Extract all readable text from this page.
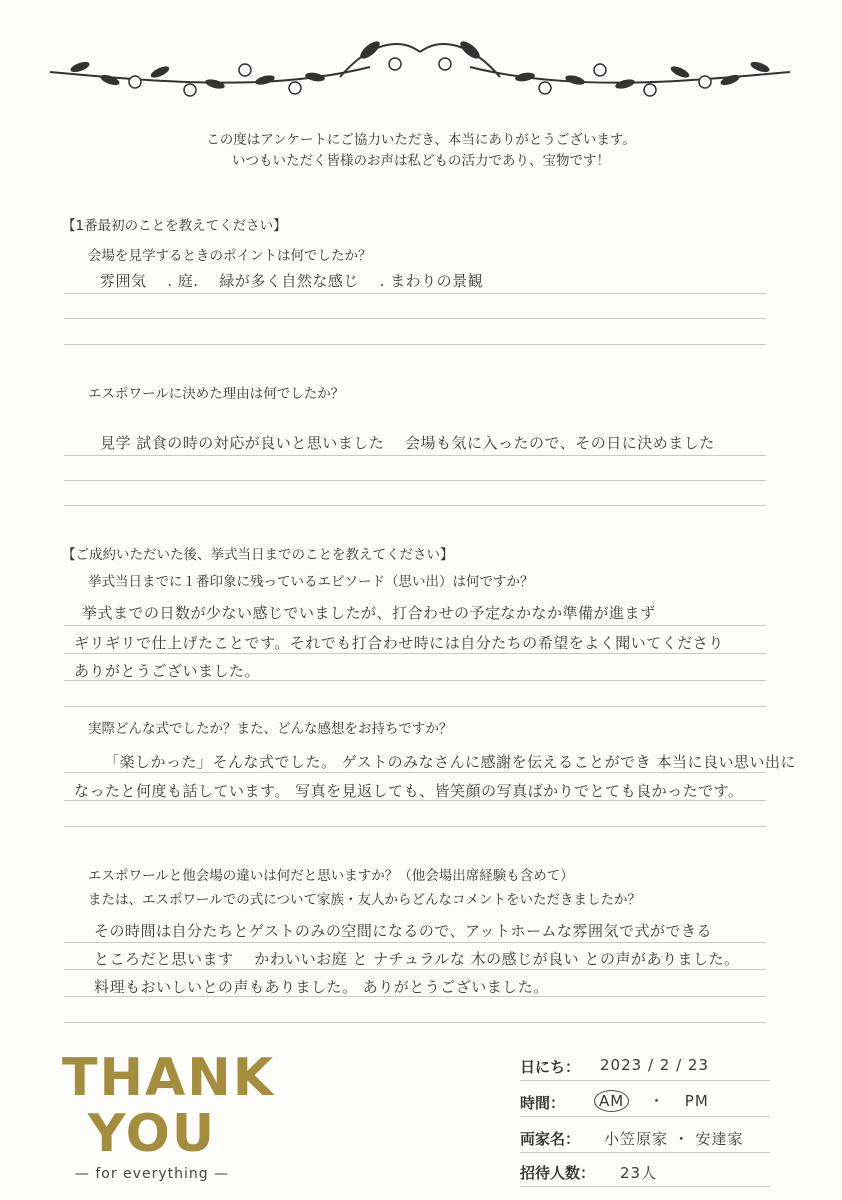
この度はアンケートにご協力いただき、本当にありがとうございます。
いつもいただく皆様のお声は私どもの活力であり、宝物です！
【1番最初のことを教えてください】
会場を見学するときのポイントは何でしたか？
雰囲気 　. 庭. 　緑が多く自然な感じ 　. まわりの景観
エスポワールに決めた理由は何でしたか？
見学 試食の時の対応が良いと思いました 　会場も気に入ったので、その日に決めました
【ご成約いただいた後、挙式当日までのことを教えてください】
挙式当日までに１番印象に残っているエピソード（思い出）は何ですか？
挙式までの日数が少ない感じでいましたが、打合わせの予定なかなか準備が進まず
ギリギリで仕上げたことです。それでも打合わせ時には自分たちの希望をよく聞いてくださり
ありがとうございました。
実際どんな式でしたか？また、どんな感想をお持ちですか？
「楽しかった」そんな式でした。 ゲストのみなさんに感謝を伝えることができ 本当に良い思い出に
なったと何度も話しています。 写真を見返しても、皆笑顔の写真ばかりでとても良かったです。
エスポワールと他会場の違いは何だと思いますか？（他会場出席経験も含めて）
または、エスポワールでの式について家族・友人からどんなコメントをいただきましたか？
その時間は自分たちとゲストのみの空間になるので、アットホームな雰囲気で式ができる
ところだと思います 　かわいいお庭 と ナチュラルな 木の感じが良い との声がありました。
料理もおいしいとの声もありました。 ありがとうございました。
THANK
YOU
— for everything —
日にち： 2023 / 2 / 23
時間：	AM ・ PM
両家名： 小笠原家 ・ 安達家
招待人数： 23人
